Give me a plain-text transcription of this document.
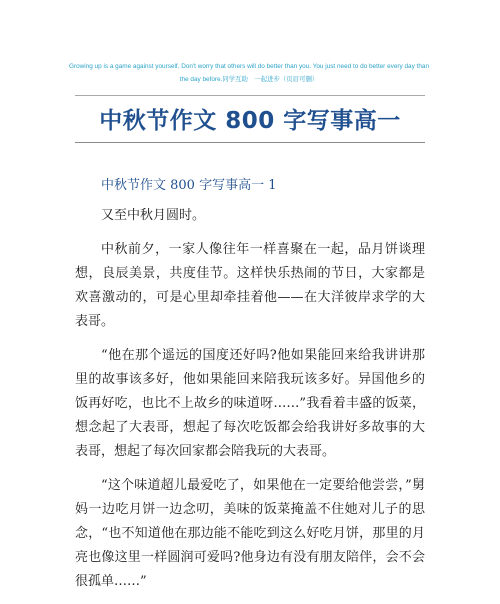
Growing up is a game against yourself. Don't worry that others will do better than you. You just need to do better every day than the day before.同学互助　一起进步（页眉可删）
中秋节作文 800 字写事高一
中秋节作文 800 字写事高一 1

又至中秋月圆时。

中秋前夕，一家人像往年一样喜聚在一起，品月饼谈理想，良辰美景，共度佳节。这样快乐热闹的节日，大家都是欢喜激动的，可是心里却牵挂着他——在大洋彼岸求学的大表哥。

“他在那个遥远的国度还好吗?他如果能回来给我讲讲那里的故事该多好，他如果能回来陪我玩该多好。异国他乡的饭再好吃，也比不上故乡的味道呀……”我看着丰盛的饭菜，想念起了大表哥，想起了每次吃饭都会给我讲好多故事的大表哥，想起了每次回家都会陪我玩的大表哥。

“这个味道超儿最爱吃了，如果他在一定要给他尝尝，”舅妈一边吃月饼一边念叨，美味的饭菜掩盖不住她对儿子的思念，“也不知道他在那边能不能吃到这么好吃月饼，那里的月亮也像这里一样圆润可爱吗?他身边有没有朋友陪伴，会不会很孤单……”
